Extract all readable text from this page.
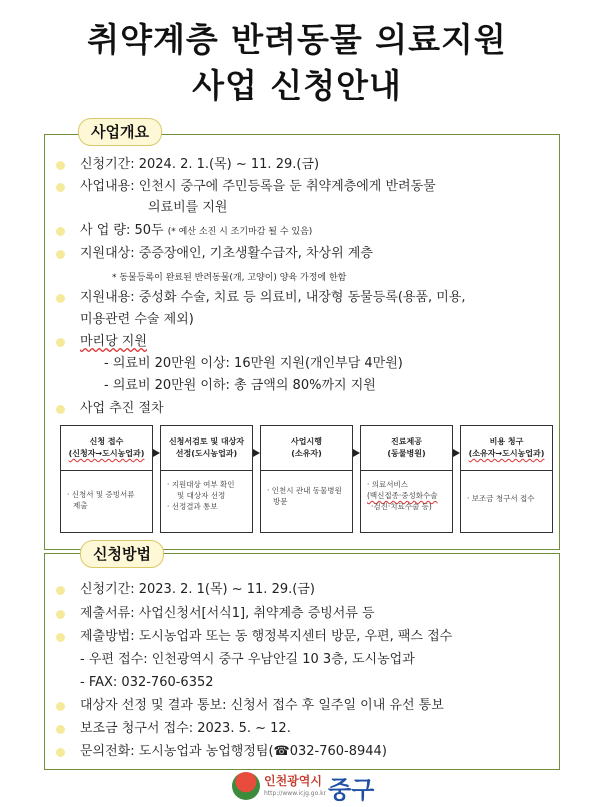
취약계층 반려동물 의료지원
사업 신청안내
사업개요
신청방법
신청기간: 2024. 2. 1.(목) ~ 11. 29.(금)
사업내용: 인천시 중구에 주민등록을 둔 취약계층에게 반려동물
의료비를 지원
사 업 량: 50두 (* 예산 소진 시 조기마감 될 수 있음)
지원대상: 중증장애인, 기초생활수급자, 차상위 계층
* 동물등록이 완료된 반려동물(개, 고양이) 양육 가정에 한함
지원내용: 중성화 수술, 치료 등 의료비, 내장형 동물등록(용품, 미용,
미용관련 수술 제외)
마리당 지원
- 의료비 20만원 이상: 16만원 지원(개인부담 4만원)
- 의료비 20만원 이하: 총 금액의 80%까지 지원
사업 추진 절차
신청 접수
(신청자→도시농업과)
· 신청서 및 증빙서류
제출
신청서검토 및 대상자
선정(도시농업과)
· 지원대상 여부 확인
및 대상자 선정
· 선정결과 통보
사업시행
(소유자)
· 인천시 관내 동물병원
방문
진료제공
(동물병원)
· 의료서비스
(백신접종·중성화수술
·검진·치료수술 등)
비용 청구
(소유자→도시농업과)
· 보조금 청구서 접수
신청기간: 2023. 2. 1(목) ~ 11. 29.(금)
제출서류: 사업신청서[서식1], 취약계층 증빙서류 등
제출방법: 도시농업과 또는 동 행정복지센터 방문, 우편, 팩스 접수
- 우편 접수: 인천광역시 중구 우남안길 10 3층, 도시농업과
- FAX: 032-760-6352
대상자 선정 및 결과 통보: 신청서 접수 후 일주일 이내 유선 통보
보조금 청구서 접수: 2023. 5. ~ 12.
문의전화: 도시농업과 농업행정팀(☎032-760-8944)
인천광역시
http://www.icjg.go.kr 중구
